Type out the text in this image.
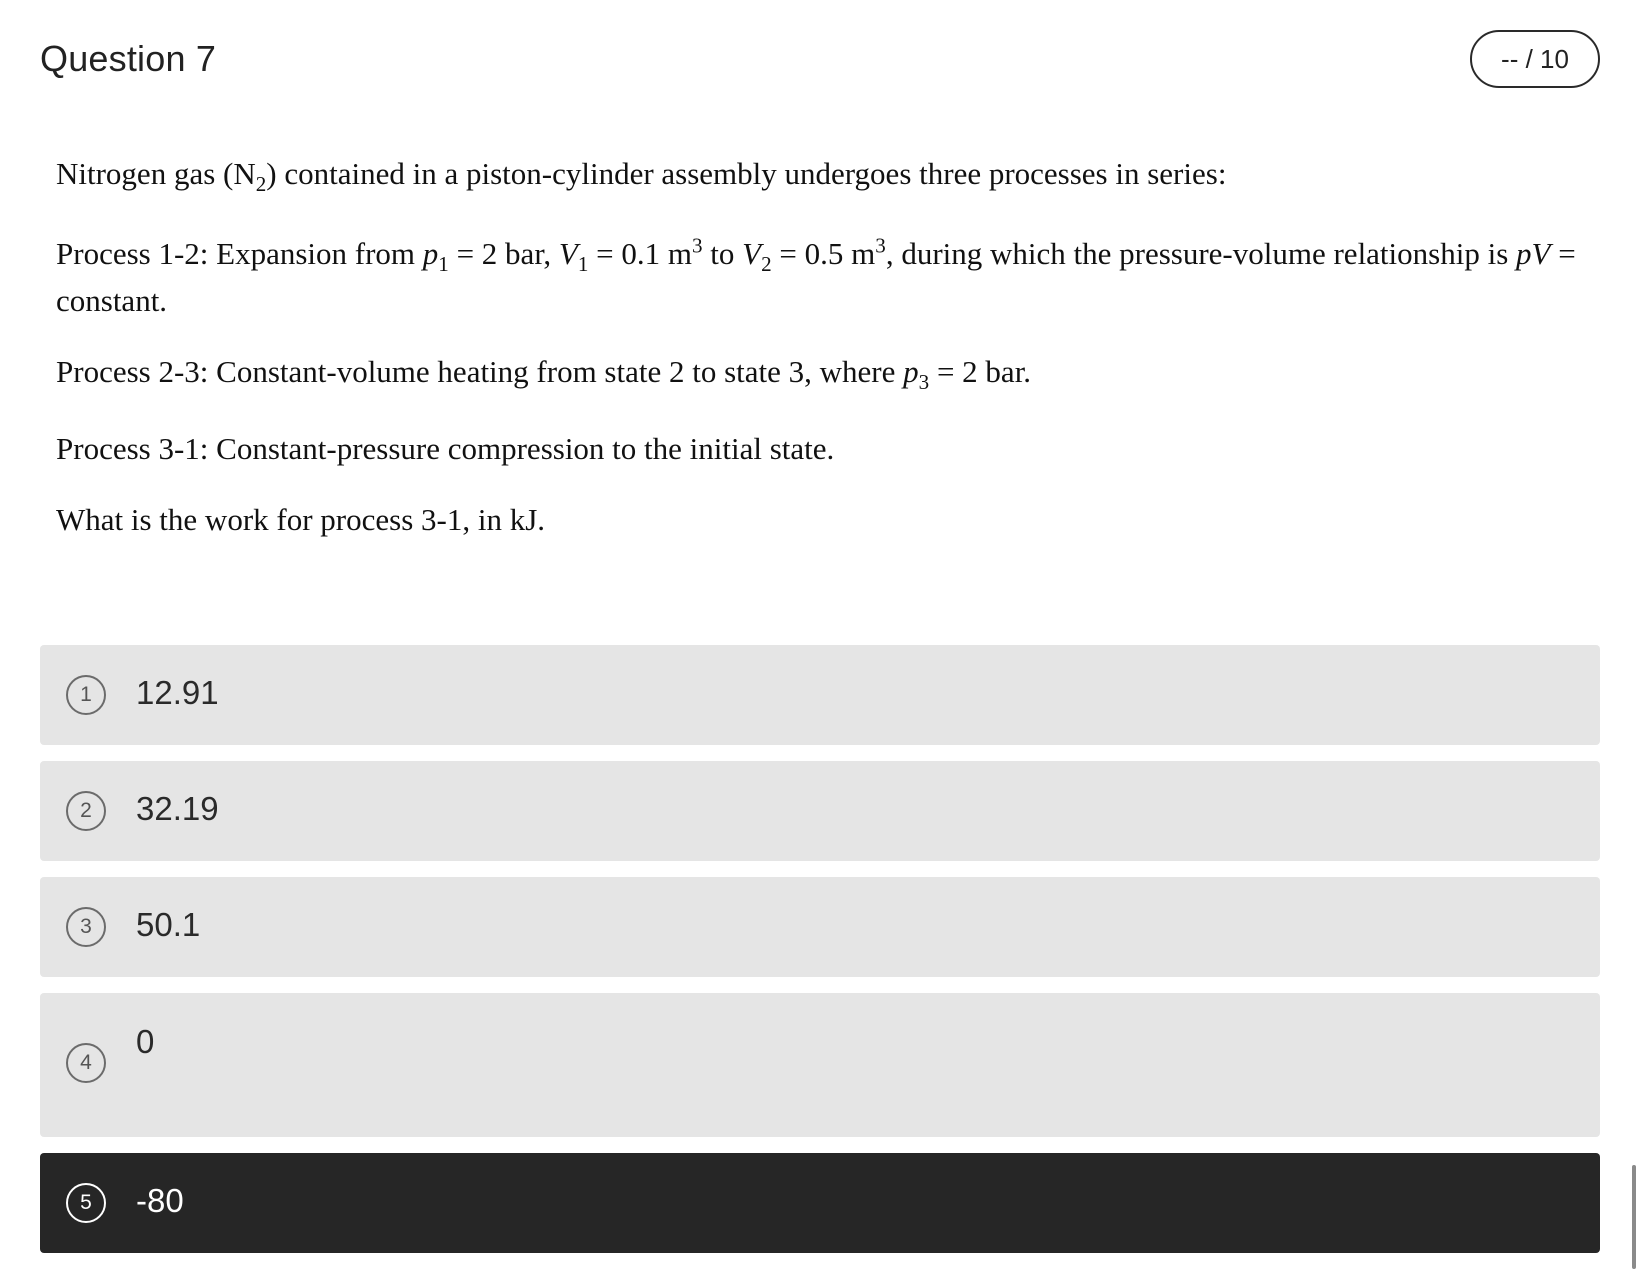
Question 7	-- / 10

Nitrogen gas $(N_2)$ contained in a piston-cylinder assembly undergoes three processes in series:

Process 1-2: Expansion from $p_1 = 2$ bar, $V_1 = 0.1$ $m^3$ to $V_2 = 0.5$ $m^3$, during which the pressure-volume relationship is pV = constant.

Process 2-3: Constant-volume heating from state 2 to state 3, where $p_3 = 2$ bar.

Process 3-1: Constant-pressure compression to the initial state.

What is the work for process 3-1, in kJ.

1	12.91
2	32.19
3	50.1
4
0
5	-80
